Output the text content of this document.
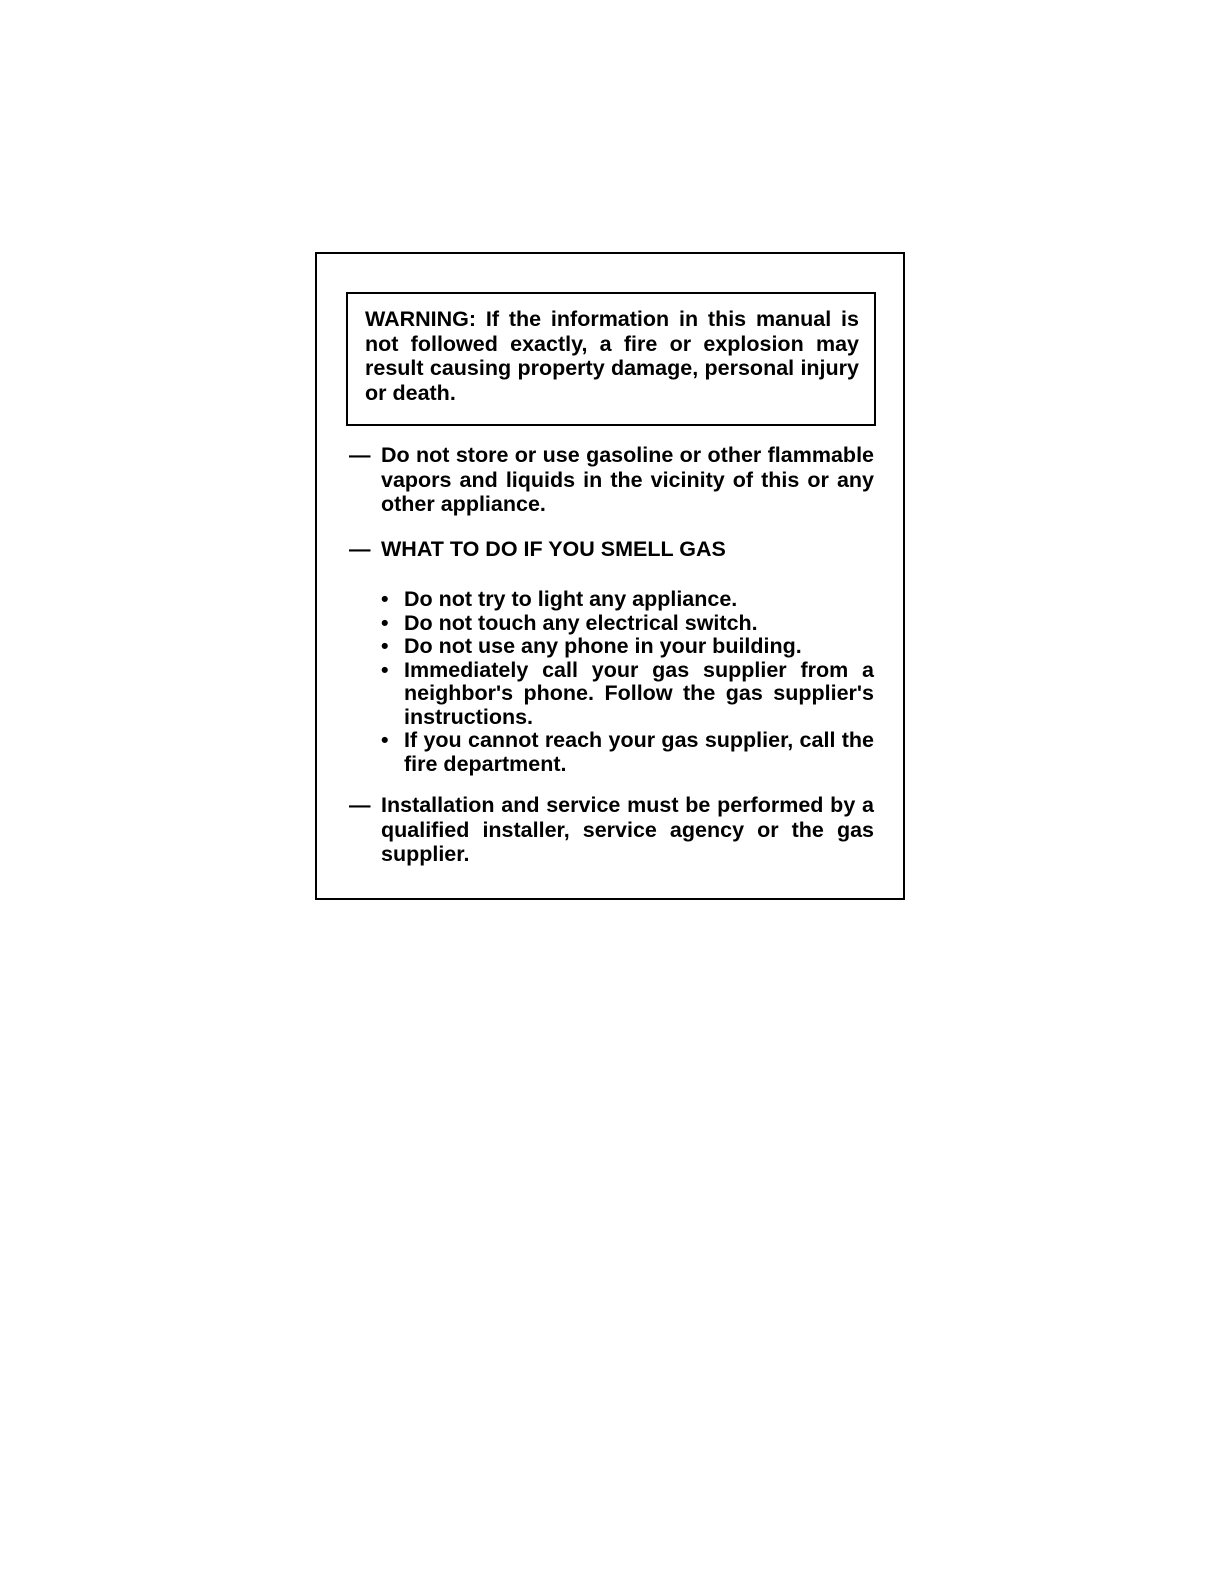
WARNING: If the information in this manual is not followed exactly, a fire or explosion may result causing property damage, personal injury or death.

— Do not store or use gasoline or other flammable vapors and liquids in the vicinity of this or any other appliance.

— WHAT TO DO IF YOU SMELL GAS

• Do not try to light any appliance.
• Do not touch any electrical switch.
• Do not use any phone in your building.
• Immediately call your gas supplier from a neighbor's phone. Follow the gas supplier's instructions.
• If you cannot reach your gas supplier, call the fire department.
— Installation and service must be performed by a qualified installer, service agency or the gas supplier.
